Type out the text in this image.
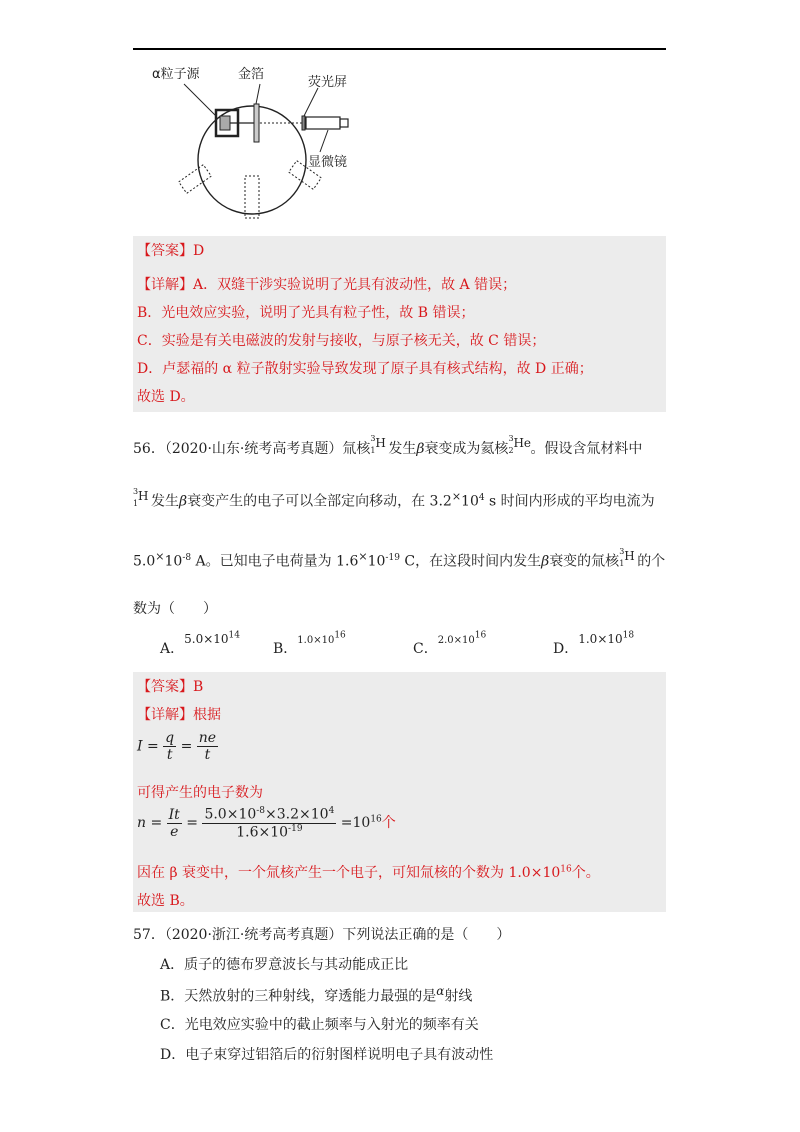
α粒子源	金箔
荧光屏
显微镜
【答案】D
【详解】A．双缝干涉实验说明了光具有波动性，故 A 错误；
B．光电效应实验，说明了光具有粒子性，故 B 错误；
C．实验是有关电磁波的发射与接收，与原子核无关，故 C 错误；
D．卢瑟福的 α 粒子散射实验导致发现了原子具有核式结构，故 D 正确；
故选 D。
56．（2020·山东·统考高考真题）氚核
3
1
H 发生β衰变成为氦核
3
2
He 。假设含氚材料中
3
1
H 发生β衰变产生的电子可以全部定向移动，在 $3.2^\times 10^4$ s 时间内形成的平均电流为
$5.0^\times 10^{-8}$ A。已知电子电荷量为 $1.6^\times 10^{-19}$ C，在这段时间内发生β衰变的氚核
3
1
H 的个
数为（　　）
A．$5.0\times 10^{14}$
B．$1.0\times 10^{16}$
C．$2.0\times 10^{16}$
D．$1.0\times 10^{18}$
【答案】B
【详解】根据
$I = \frac{q}{t} = \frac{ne}{t}$
可得产生的电子数为
$n = \frac{It}{e} = \frac{5.0\times 10^{-8}\times 3.2\times 10^4}{1.6\times 10^{-19}} =10^{16}$个
因在 β 衰变中，一个氚核产生一个电子，可知氚核的个数为 $1.0\times 10^{16}$个。
故选 B。
57．（2020·浙江·统考高考真题）下列说法正确的是（　　）
A．质子的德布罗意波长与其动能成正比
B．天然放射的三种射线，穿透能力最强的是α射线
C．光电效应实验中的截止频率与入射光的频率有关
D．电子束穿过铝箔后的衍射图样说明电子具有波动性
